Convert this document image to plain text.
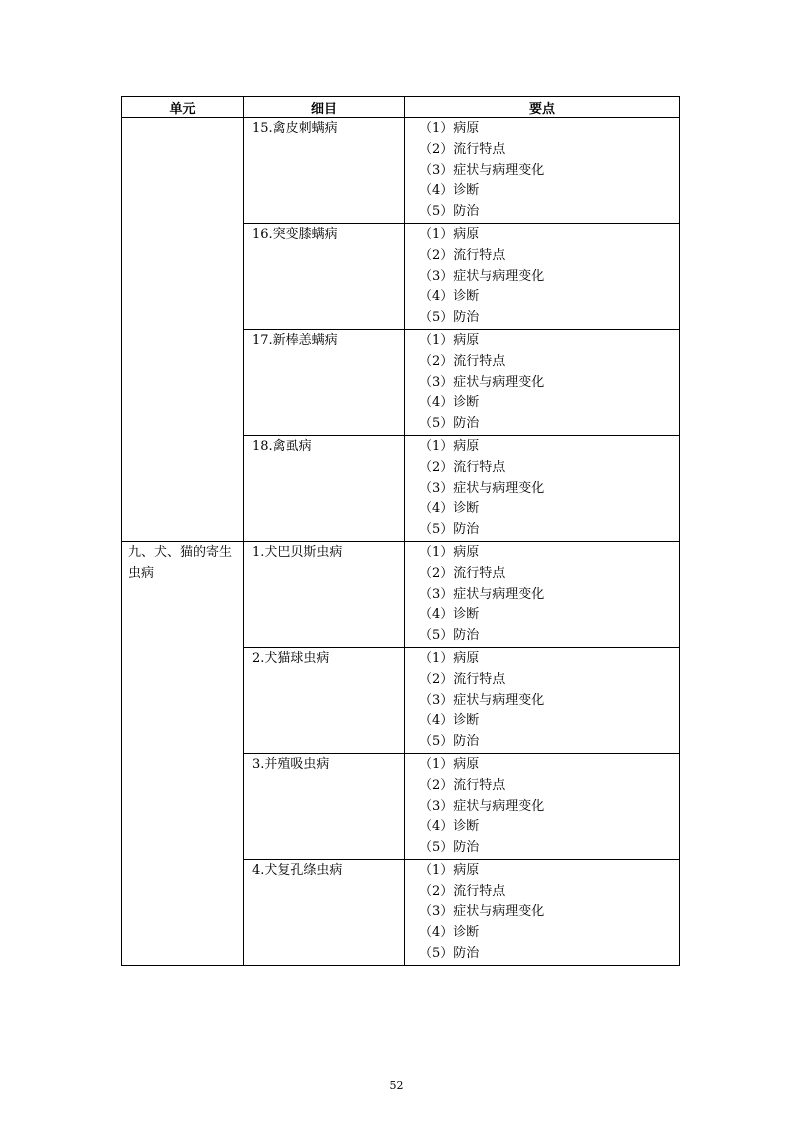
单元	细目	要点
	15.禽皮刺螨病	（1）病原
（2）流行特点
（3）症状与病理变化
（4）诊断
（5）防治

	16.突变膝螨病	（1）病原
（2）流行特点
（3）症状与病理变化
（4）诊断
（5）防治

	17.新棒恙螨病	（1）病原
（2）流行特点
（3）症状与病理变化
（4）诊断
（5）防治

	18.禽虱病	（1）病原
（2）流行特点
（3）症状与病理变化
（4）诊断
（5）防治

九、犬、猫的寄生虫病	1.犬巴贝斯虫病	（1）病原
（2）流行特点
（3）症状与病理变化
（4）诊断
（5）防治

	2.犬猫球虫病	（1）病原
（2）流行特点
（3）症状与病理变化
（4）诊断
（5）防治

	3.并殖吸虫病	（1）病原
（2）流行特点
（3）症状与病理变化
（4）诊断
（5）防治

	4.犬复孔绦虫病	（1）病原
（2）流行特点
（3）症状与病理变化
（4）诊断
（5）防治
52
